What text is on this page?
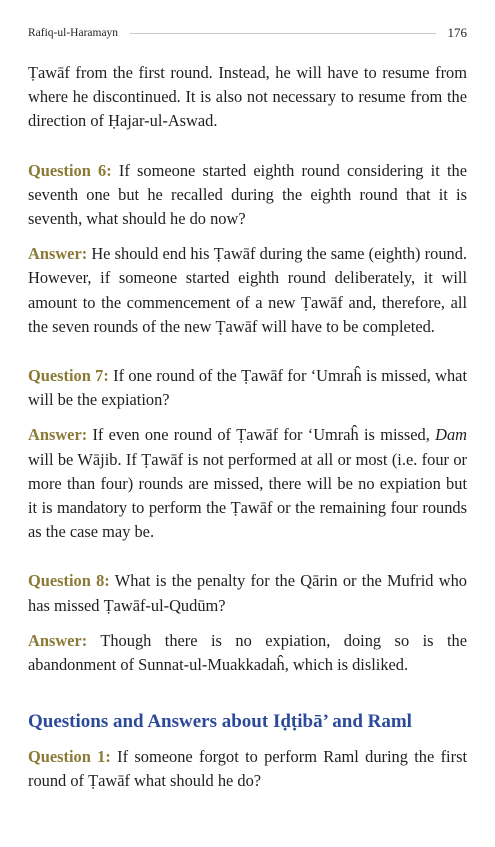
Rafiq-ul-Haramayn	176

Ṭawāf from the first round. Instead, he will have to resume from where he discontinued. It is also not necessary to resume from the direction of Ḥajar-ul-Aswad.

Question 6: If someone started eighth round considering it the seventh one but he recalled during the eighth round that it is seventh, what should he do now?

Answer: He should end his Ṭawāf during the same (eighth) round. However, if someone started eighth round deliberately, it will amount to the commencement of a new Ṭawāf and, therefore, all the seven rounds of the new Ṭawāf will have to be completed.

Question 7: If one round of the Ṭawāf for ‘Umraĥ is missed, what will be the expiation?

Answer: If even one round of Ṭawāf for ‘Umraĥ is missed, Dam will be Wājib. If Ṭawāf is not performed at all or most (i.e. four or more than four) rounds are missed, there will be no expiation but it is mandatory to perform the Ṭawāf or the remaining four rounds as the case may be.

Question 8: What is the penalty for the Qārin or the Mufrid who has missed Ṭawāf-ul-Qudūm?

Answer: Though there is no expiation, doing so is the abandonment of Sunnat-ul-Muakkadaĥ, which is disliked.

Questions and Answers about Iḍṭibā’ and Raml

Question 1: If someone forgot to perform Raml during the first round of Ṭawāf what should he do?
